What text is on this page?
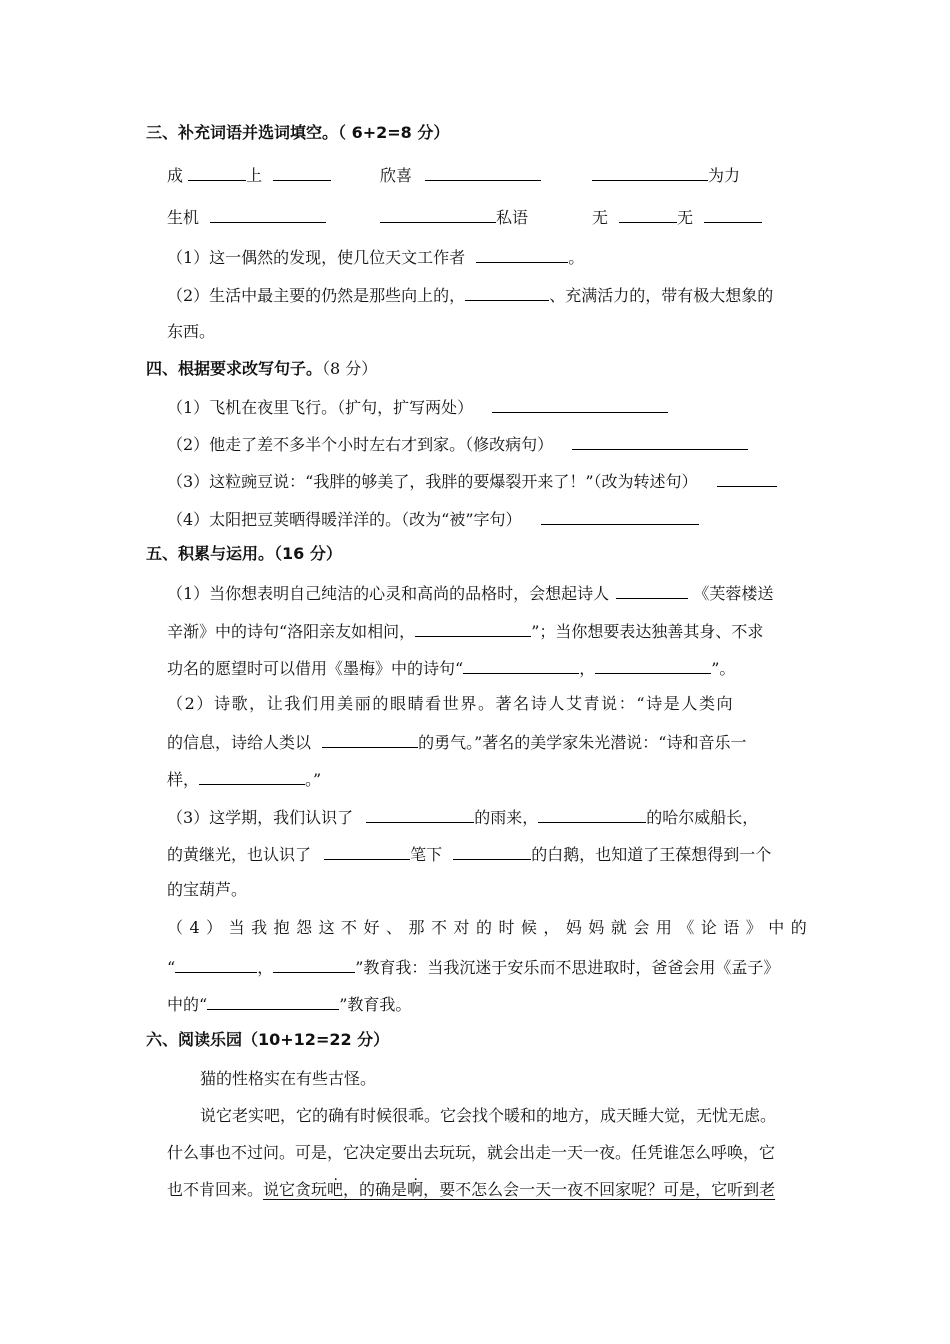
三、补充词语并选词填空。（ 6+2=8 分）
成	上	欣喜	为力
生机	私语	无	无
（1）这一偶然的发现，使几位天文工作者	。
（2）生活中最主要的仍然是那些向上的，	、充满活力的，带有极大想象的
东西。
四、根据要求改写句子。（8 分）
（1）飞机在夜里飞行。（扩句，扩写两处）
（2）他走了差不多半个小时左右才到家。（修改病句）
（3）这粒豌豆说：“我胖的够美了，我胖的要爆裂开来了！”（改为转述句）
（4）太阳把豆荚晒得暖洋洋的。（改为“被”字句）
五、积累与运用。（16 分）
（1）当你想表明自己纯洁的心灵和高尚的品格时，会想起诗人	《芙蓉楼送
辛渐》中的诗句“洛阳亲友如相问，	”；当你想要表达独善其身、不求
功名的愿望时可以借用《墨梅》中的诗句“	，	”。
（2）诗歌，让我们用美丽的眼睛看世界。著名诗人艾青说：“诗是人类向
的信息，诗给人类以	的勇气。”著名的美学家朱光潜说：“诗和音乐一
样，	。”
（3）这学期，我们认识了	的雨来，	的哈尔威船长，
的黄继光，也认识了	笔下	的白鹅，也知道了王葆想得到一个
的宝葫芦。
（ 4 ） 当 我 抱 怨 这 不 好 、 那 不 对 的 时 候 ， 妈 妈 就 会 用 《 论 语 》 中 的
“	，	”教育我：当我沉迷于安乐而不思进取时，爸爸会用《孟子》
中的“	”教育我。
六、阅读乐园（10+12=22 分）
猫的性格实在有些古怪。
说它老实吧，它的确有时候很乖。它会找个暖和的地方，成天睡大觉，无忧无虑。
什么事也不过问。可是，它决定要出去玩玩，就会出走一天一夜。任凭谁怎么呼唤，它
也不肯回来。说它贪玩吧，的确是啊，要不怎么会一天一夜不回家呢？可是，它听到老
